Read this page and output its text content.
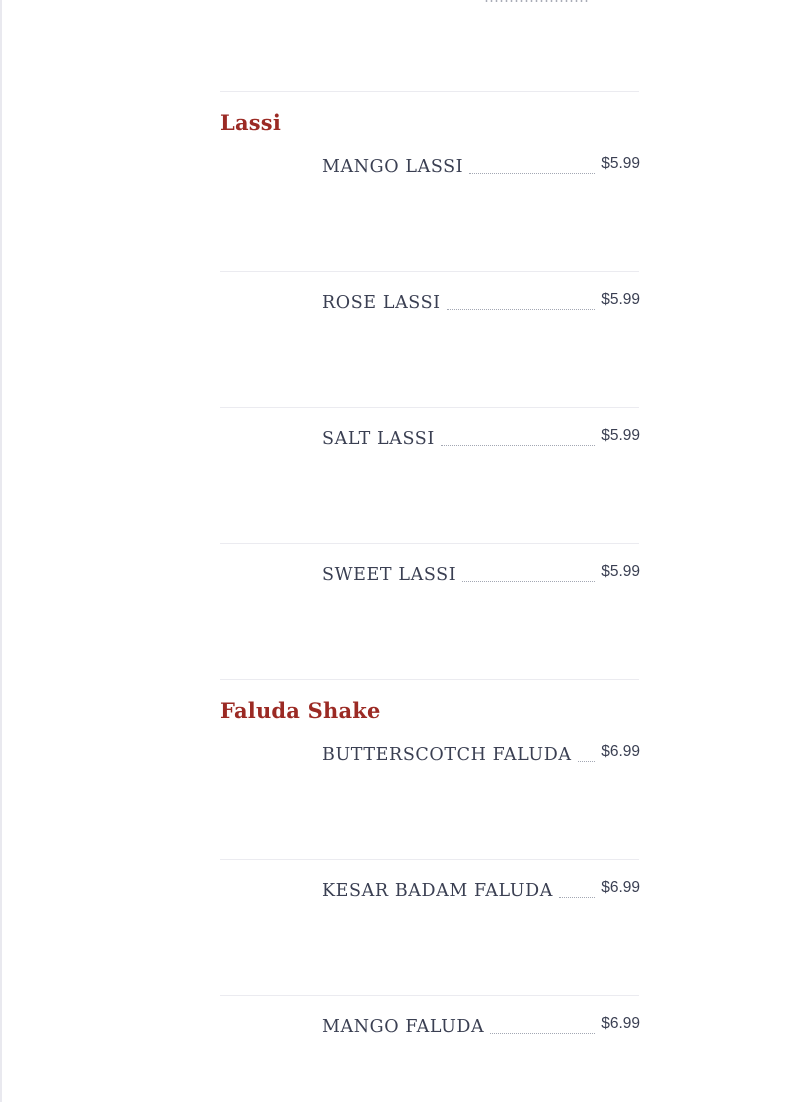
Lassi
MANGO LASSI	$5.99
ROSE LASSI	$5.99
SALT LASSI	$5.99
SWEET LASSI	$5.99
Faluda Shake
BUTTERSCOTCH FALUDA $6.99
KESAR BADAM FALUDA	$6.99
MANGO FALUDA	$6.99
